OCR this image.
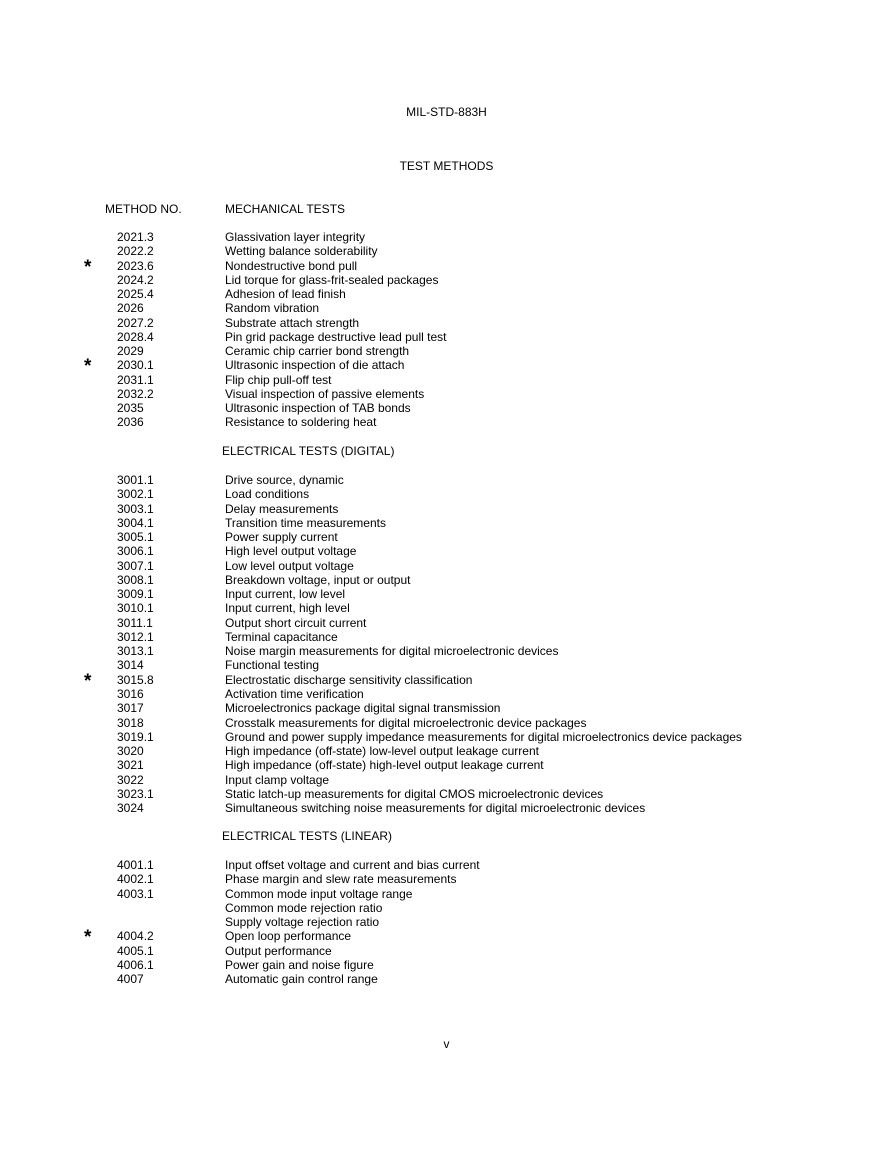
MIL-STD-883H
TEST METHODS
METHOD NO.	MECHANICAL TESTS
2021.3	Glassivation layer integrity
2022.2	Wetting balance solderability
* 2023.6	Nondestructive bond pull
2024.2	Lid torque for glass-frit-sealed packages
2025.4	Adhesion of lead finish
2026	Random vibration
2027.2	Substrate attach strength
2028.4	Pin grid package destructive lead pull test
2029	Ceramic chip carrier bond strength
* 2030.1	Ultrasonic inspection of die attach
2031.1	Flip chip pull-off test
2032.2	Visual inspection of passive elements
2035	Ultrasonic inspection of TAB bonds
2036	Resistance to soldering heat
ELECTRICAL TESTS (DIGITAL)
3001.1	Drive source, dynamic
3002.1	Load conditions
3003.1	Delay measurements
3004.1	Transition time measurements
3005.1	Power supply current
3006.1	High level output voltage
3007.1	Low level output voltage
3008.1	Breakdown voltage, input or output
3009.1	Input current, low level
3010.1	Input current, high level
3011.1	Output short circuit current
3012.1	Terminal capacitance
3013.1	Noise margin measurements for digital microelectronic devices
3014	Functional testing
* 3015.8	Electrostatic discharge sensitivity classification
3016	Activation time verification
3017	Microelectronics package digital signal transmission
3018	Crosstalk measurements for digital microelectronic device packages
3019.1	Ground and power supply impedance measurements for digital microelectronics device packages
3020	High impedance (off-state) low-level output leakage current
3021	High impedance (off-state) high-level output leakage current
3022	Input clamp voltage
3023.1	Static latch-up measurements for digital CMOS microelectronic devices
3024	Simultaneous switching noise measurements for digital microelectronic devices
ELECTRICAL TESTS (LINEAR)
4001.1	Input offset voltage and current and bias current
4002.1	Phase margin and slew rate measurements
4003.1	Common mode input voltage range
Common mode rejection ratio
Supply voltage rejection ratio
* 4004.2	Open loop performance
4005.1	Output performance
4006.1	Power gain and noise figure
4007	Automatic gain control range
v
